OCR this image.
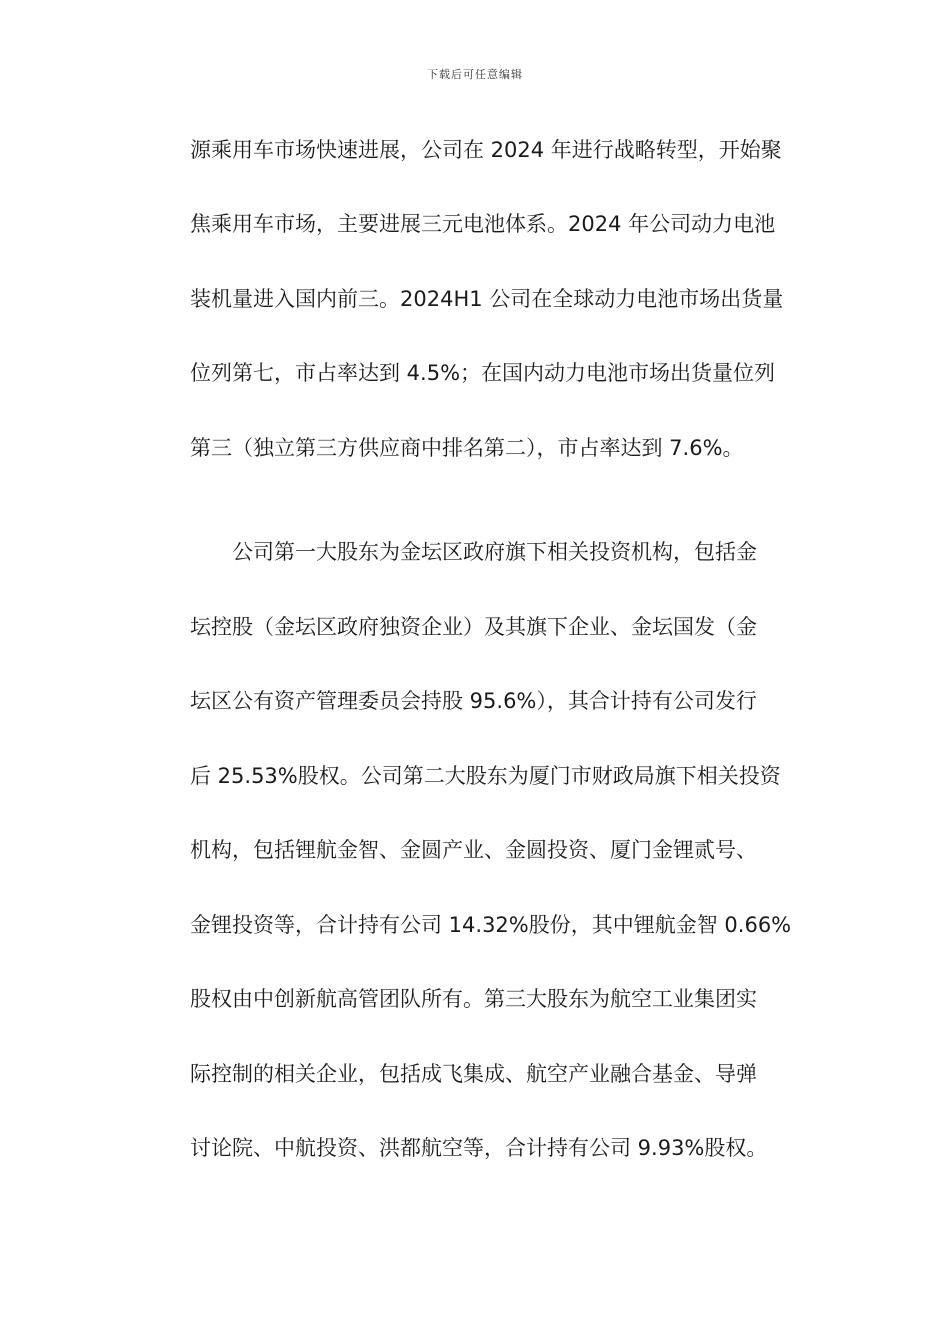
下载后可任意编辑
源乘用车市场快速进展，公司在 2024 年进行战略转型，开始聚
焦乘用车市场，主要进展三元电池体系。2024 年公司动力电池
装机量进入国内前三。2024H1 公司在全球动力电池市场出货量
位列第七，市占率达到 4.5%；在国内动力电池市场出货量位列
第三（独立第三方供应商中排名第二），市占率达到 7.6%。
公司第一大股东为金坛区政府旗下相关投资机构，包括金
坛控股（金坛区政府独资企业）及其旗下企业、金坛国发（金
坛区公有资产管理委员会持股 95.6%），其合计持有公司发行
后 25.53%股权。公司第二大股东为厦门市财政局旗下相关投资
机构，包括锂航金智、金圆产业、金圆投资、厦门金锂贰号、
金锂投资等，合计持有公司 14.32%股份，其中锂航金智 0.66%
股权由中创新航高管团队所有。第三大股东为航空工业集团实
际控制的相关企业，包括成飞集成、航空产业融合基金、导弹
讨论院、中航投资、洪都航空等，合计持有公司 9.93%股权。
